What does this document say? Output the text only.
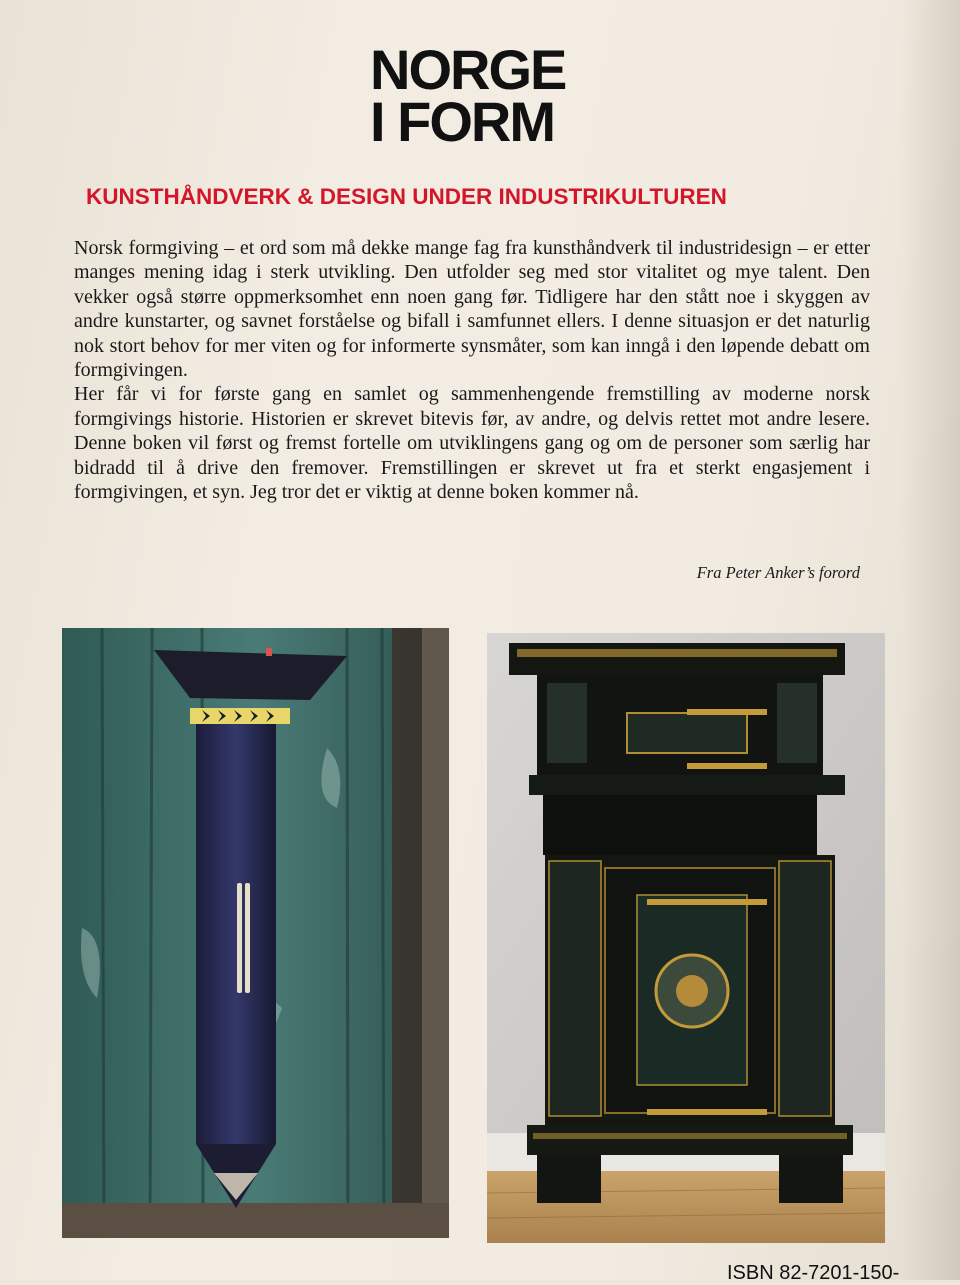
NORGE
I FORM
KUNSTHÅNDVERK & DESIGN UNDER INDUSTRIKULTUREN

Norsk formgiving – et ord som må dekke mange fag fra kunsthåndverk til industridesign – er etter manges mening idag i sterk utvikling. Den utfolder seg med stor vitalitet og mye talent. Den vekker også større oppmerksomhet enn noen gang før. Tidligere har den stått noe i skyggen av andre kunstarter, og savnet forståelse og bifall i samfunnet ellers. I denne situasjon er det naturlig nok stort behov for mer viten og for informerte synsmåter, som kan inngå i den løpende debatt om formgivingen.

Her får vi for første gang en samlet og sammenhengende fremstilling av moderne norsk formgivings historie. Historien er skrevet bitevis før, av andre, og delvis rettet mot andre lesere. Denne boken vil først og fremst fortelle om utviklingens gang og om de personer som særlig har bidradd til å drive den fremover. Fremstillingen er skrevet ut fra et sterkt engasjement i formgivingen, et syn. Jeg tror det er viktig at denne boken kommer nå.

Fra Peter Anker’s forord

ISBN 82-7201-150-
